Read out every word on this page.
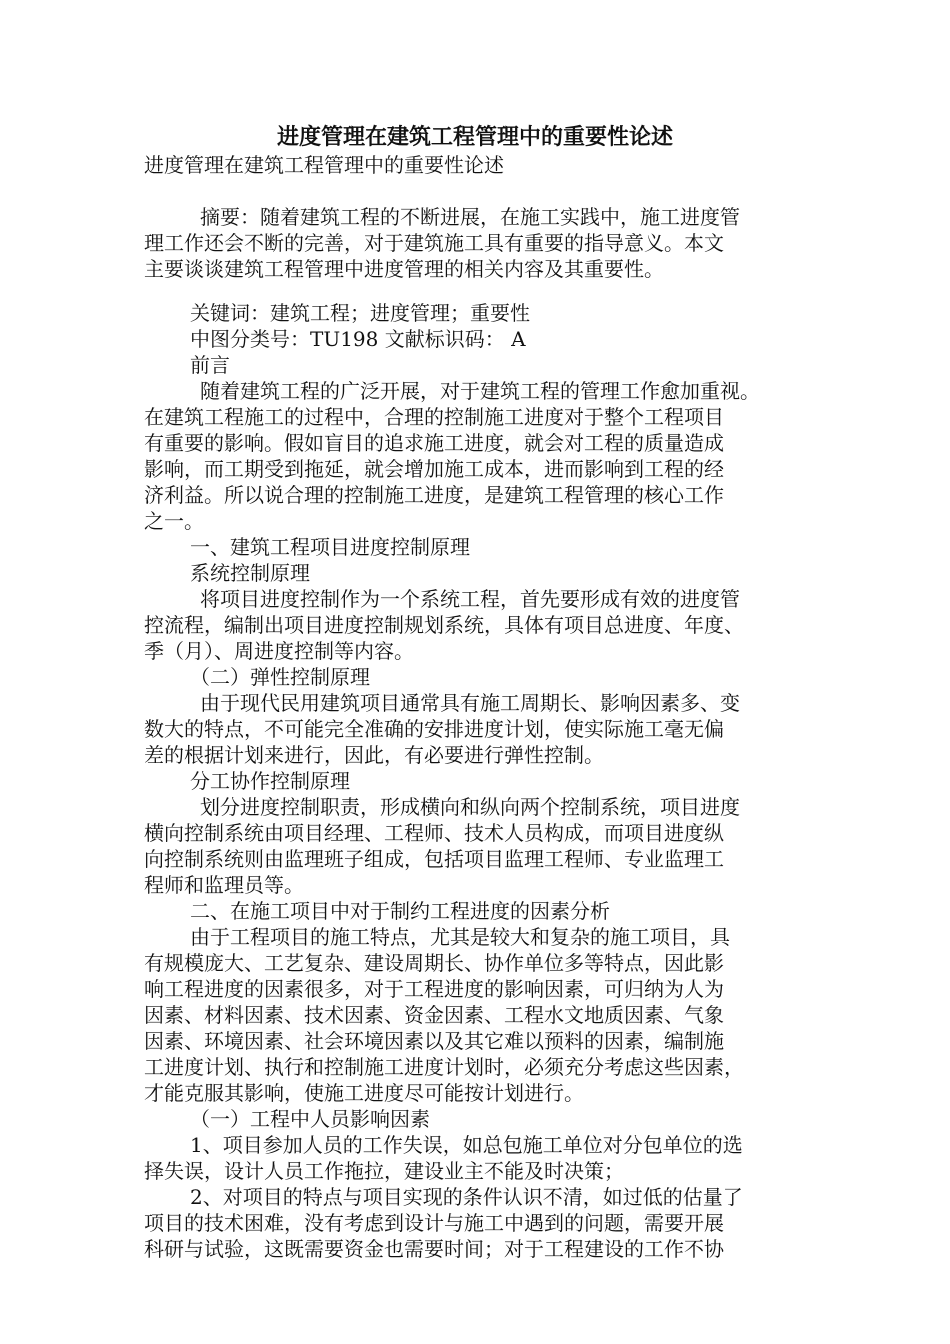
进度管理在建筑工程管理中的重要性论述
进度管理在建筑工程管理中的重要性论述
摘要：随着建筑工程的不断进展，在施工实践中，施工进度管
理工作还会不断的完善，对于建筑施工具有重要的指导意义。本文
主要谈谈建筑工程管理中进度管理的相关内容及其重要性。
关键词：建筑工程；进度管理；重要性
中图分类号：TU198 文献标识码： A
前言
随着建筑工程的广泛开展，对于建筑工程的管理工作愈加重视。
在建筑工程施工的过程中，合理的控制施工进度对于整个工程项目
有重要的影响。假如盲目的追求施工进度，就会对工程的质量造成
影响，而工期受到拖延，就会增加施工成本，进而影响到工程的经
济利益。所以说合理的控制施工进度，是建筑工程管理的核心工作
之一。
一、建筑工程项目进度控制原理
系统控制原理
将项目进度控制作为一个系统工程，首先要形成有效的进度管
控流程，编制出项目进度控制规划系统，具体有项目总进度、年度、
季（月）、周进度控制等内容。
（二）弹性控制原理
由于现代民用建筑项目通常具有施工周期长、影响因素多、变
数大的特点，不可能完全准确的安排进度计划，使实际施工毫无偏
差的根据计划来进行，因此，有必要进行弹性控制。
分工协作控制原理
划分进度控制职责，形成横向和纵向两个控制系统，项目进度
横向控制系统由项目经理、工程师、技术人员构成，而项目进度纵
向控制系统则由监理班子组成，包括项目监理工程师、专业监理工
程师和监理员等。
二、在施工项目中对于制约工程进度的因素分析
由于工程项目的施工特点，尤其是较大和复杂的施工项目，具
有规模庞大、工艺复杂、建设周期长、协作单位多等特点，因此影
响工程进度的因素很多，对于工程进度的影响因素，可归纳为人为
因素、材料因素、技术因素、资金因素、工程水文地质因素、气象
因素、环境因素、社会环境因素以及其它难以预料的因素，编制施
工进度计划、执行和控制施工进度计划时，必须充分考虑这些因素，
才能克服其影响，使施工进度尽可能按计划进行。
（一）工程中人员影响因素
1、项目参加人员的工作失误，如总包施工单位对分包单位的选
择失误，设计人员工作拖拉，建设业主不能及时决策；
2、对项目的特点与项目实现的条件认识不清，如过低的估量了
项目的技术困难，没有考虑到设计与施工中遇到的问题，需要开展
科研与试验，这既需要资金也需要时间；对于工程建设的工作不协
